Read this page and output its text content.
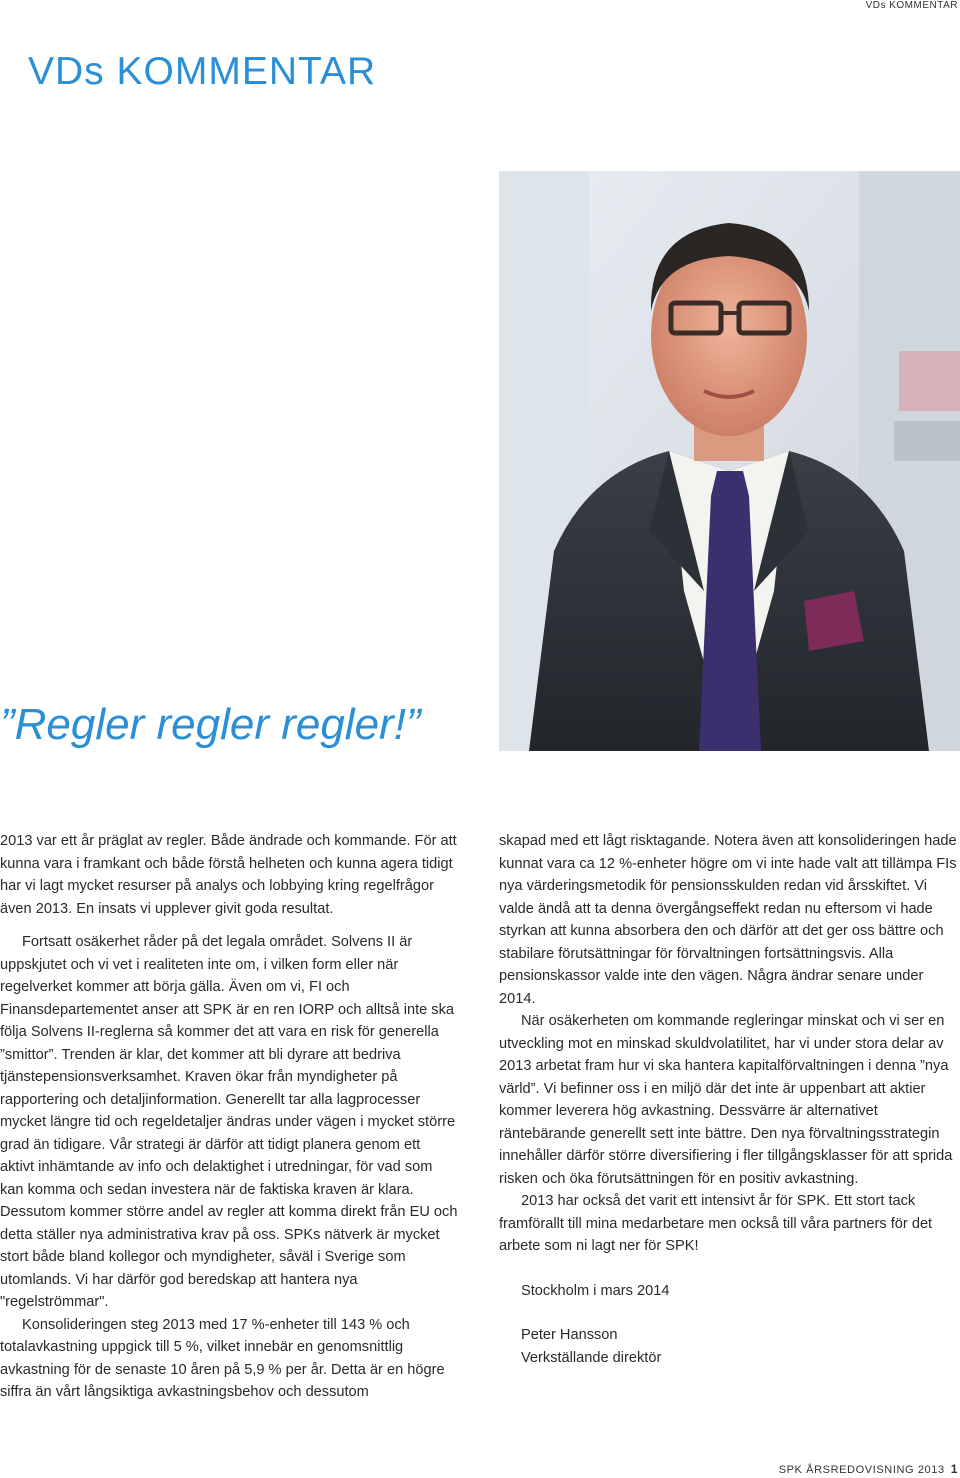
VDs KOMMENTAR
VDs KOMMENTAR
”Regler regler regler!”

2013 var ett år präglat av regler. Både ändrade och kommande. För att kunna vara i framkant och både förstå helheten och kunna agera tidigt har vi lagt mycket resurser på analys och lobbying kring regelfrågor även 2013. En insats vi upplever givit goda resultat.

Fortsatt osäkerhet råder på det legala området. Solvens II är uppskjutet och vi vet i realiteten inte om, i vilken form eller när regelverket kommer att börja gälla. Även om vi, FI och Finansdepartementet anser att SPK är en ren IORP och alltså inte ska följa Solvens II-reglerna så kommer det att vara en risk för generella ”smittor”. Trenden är klar, det kommer att bli dyrare att bedriva tjänstepensionsverksamhet. Kraven ökar från myndigheter på rapportering och detaljinformation. Generellt tar alla lagprocesser mycket längre tid och regeldetaljer ändras under vägen i mycket större grad än tidigare. Vår strategi är därför att tidigt planera genom ett aktivt inhämtande av info och delaktighet i utredningar, för vad som kan komma och sedan investera när de faktiska kraven är klara. Dessutom kommer större andel av regler att komma direkt från EU och detta ställer nya administrativa krav på oss. SPKs nätverk är mycket stort både bland kollegor och myndigheter, såväl i Sverige som utomlands. Vi har därför god beredskap att hantera nya "regelströmmar".

Konsolideringen steg 2013 med 17 %-enheter till 143 % och totalavkastning uppgick till 5 %, vilket innebär en genomsnittlig avkastning för de senaste 10 åren på 5,9 % per år. Detta är en högre siffra än vårt långsiktiga avkastningsbehov och dessutom

skapad med ett lågt risktagande. Notera även att konsolideringen hade kunnat vara ca 12 %-enheter högre om vi inte hade valt att tillämpa FIs nya värderingsmetodik för pensionsskulden redan vid årsskiftet. Vi valde ändå att ta denna övergångseffekt redan nu eftersom vi hade styrkan att kunna absorbera den och därför att det ger oss bättre och stabilare förutsättningar för förvaltningen fortsättningsvis. Alla pensionskassor valde inte den vägen. Några ändrar senare under 2014.

När osäkerheten om kommande regleringar minskat och vi ser en utveckling mot en minskad skuldvolatilitet, har vi under stora delar av 2013 arbetat fram hur vi ska hantera kapitalförvaltningen i denna ”nya värld”. Vi befinner oss i en miljö där det inte är uppenbart att aktier kommer leverera hög avkastning. Dessvärre är alternativet räntebärande generellt sett inte bättre. Den nya förvaltningsstrategin innehåller därför större diversifiering i fler tillgångsklasser för att sprida risken och öka förutsättningen för en positiv avkastning.

2013 har också det varit ett intensivt år för SPK. Ett stort tack framförallt till mina medarbetare men också till våra partners för det arbete som ni lagt ner för SPK!

Stockholm i mars 2014
Peter Hansson
Verkställande direktör
SPK ÅRSREDOVISNING 2013 1
